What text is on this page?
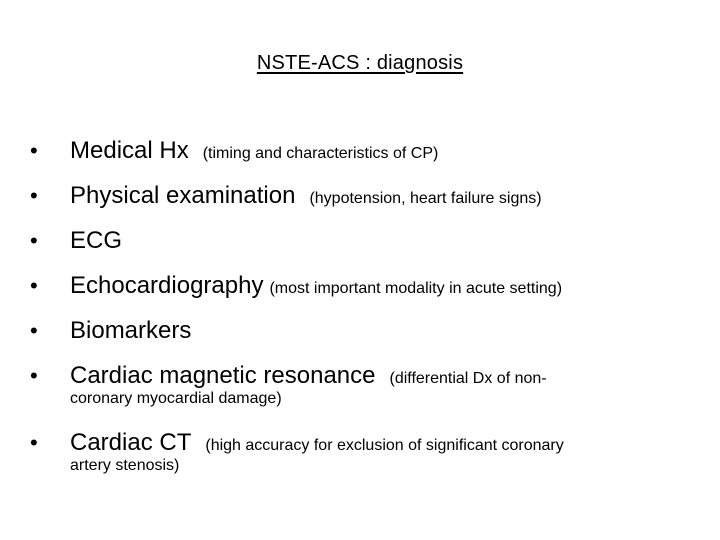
NSTE-ACS : diagnosis
• Medical Hx (timing and characteristics of CP)
• Physical examination (hypotension, heart failure signs)
• ECG
• Echocardiography (most important modality in acute setting)
• Biomarkers
• Cardiac magnetic resonance (differential Dx of non-
coronary myocardial damage)
• Cardiac CT (high accuracy for exclusion of significant coronary
artery stenosis)
